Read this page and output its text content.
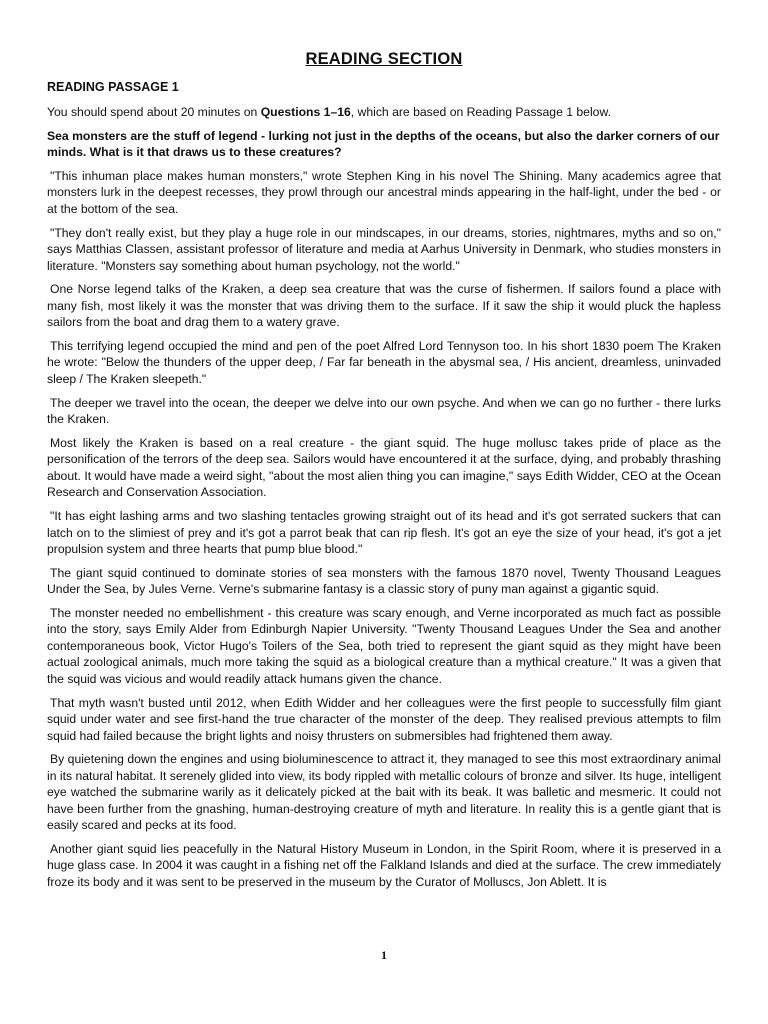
READING SECTION
READING PASSAGE 1

You should spend about 20 minutes on Questions 1–16, which are based on Reading Passage 1 below.

Sea monsters are the stuff of legend - lurking not just in the depths of the oceans, but also the darker corners of our minds. What is it that draws us to these creatures?

"This inhuman place makes human monsters," wrote Stephen King in his novel The Shining. Many academics agree that monsters lurk in the deepest recesses, they prowl through our ancestral minds appearing in the half-light, under the bed - or at the bottom of the sea.

"They don't really exist, but they play a huge role in our mindscapes, in our dreams, stories, nightmares, myths and so on," says Matthias Classen, assistant professor of literature and media at Aarhus University in Denmark, who studies monsters in literature. "Monsters say something about human psychology, not the world."

One Norse legend talks of the Kraken, a deep sea creature that was the curse of fishermen. If sailors found a place with many fish, most likely it was the monster that was driving them to the surface. If it saw the ship it would pluck the hapless sailors from the boat and drag them to a watery grave.

This terrifying legend occupied the mind and pen of the poet Alfred Lord Tennyson too. In his short 1830 poem The Kraken he wrote: "Below the thunders of the upper deep, / Far far beneath in the abysmal sea, / His ancient, dreamless, uninvaded sleep / The Kraken sleepeth."

The deeper we travel into the ocean, the deeper we delve into our own psyche. And when we can go no further - there lurks the Kraken.

Most likely the Kraken is based on a real creature - the giant squid. The huge mollusc takes pride of place as the personification of the terrors of the deep sea. Sailors would have encountered it at the surface, dying, and probably thrashing about. It would have made a weird sight, "about the most alien thing you can imagine," says Edith Widder, CEO at the Ocean Research and Conservation Association.

"It has eight lashing arms and two slashing tentacles growing straight out of its head and it's got serrated suckers that can latch on to the slimiest of prey and it's got a parrot beak that can rip flesh. It's got an eye the size of your head, it's got a jet propulsion system and three hearts that pump blue blood."

The giant squid continued to dominate stories of sea monsters with the famous 1870 novel, Twenty Thousand Leagues Under the Sea, by Jules Verne. Verne's submarine fantasy is a classic story of puny man against a gigantic squid.

The monster needed no embellishment - this creature was scary enough, and Verne incorporated as much fact as possible into the story, says Emily Alder from Edinburgh Napier University. "Twenty Thousand Leagues Under the Sea and another contemporaneous book, Victor Hugo's Toilers of the Sea, both tried to represent the giant squid as they might have been actual zoological animals, much more taking the squid as a biological creature than a mythical creature." It was a given that the squid was vicious and would readily attack humans given the chance.

That myth wasn't busted until 2012, when Edith Widder and her colleagues were the first people to successfully film giant squid under water and see first-hand the true character of the monster of the deep. They realised previous attempts to film squid had failed because the bright lights and noisy thrusters on submersibles had frightened them away.

By quietening down the engines and using bioluminescence to attract it, they managed to see this most extraordinary animal in its natural habitat. It serenely glided into view, its body rippled with metallic colours of bronze and silver. Its huge, intelligent eye watched the submarine warily as it delicately picked at the bait with its beak. It was balletic and mesmeric. It could not have been further from the gnashing, human-destroying creature of myth and literature. In reality this is a gentle giant that is easily scared and pecks at its food.

Another giant squid lies peacefully in the Natural History Museum in London, in the Spirit Room, where it is preserved in a huge glass case. In 2004 it was caught in a fishing net off the Falkland Islands and died at the surface. The crew immediately froze its body and it was sent to be preserved in the museum by the Curator of Molluscs, Jon Ablett. It is

1
